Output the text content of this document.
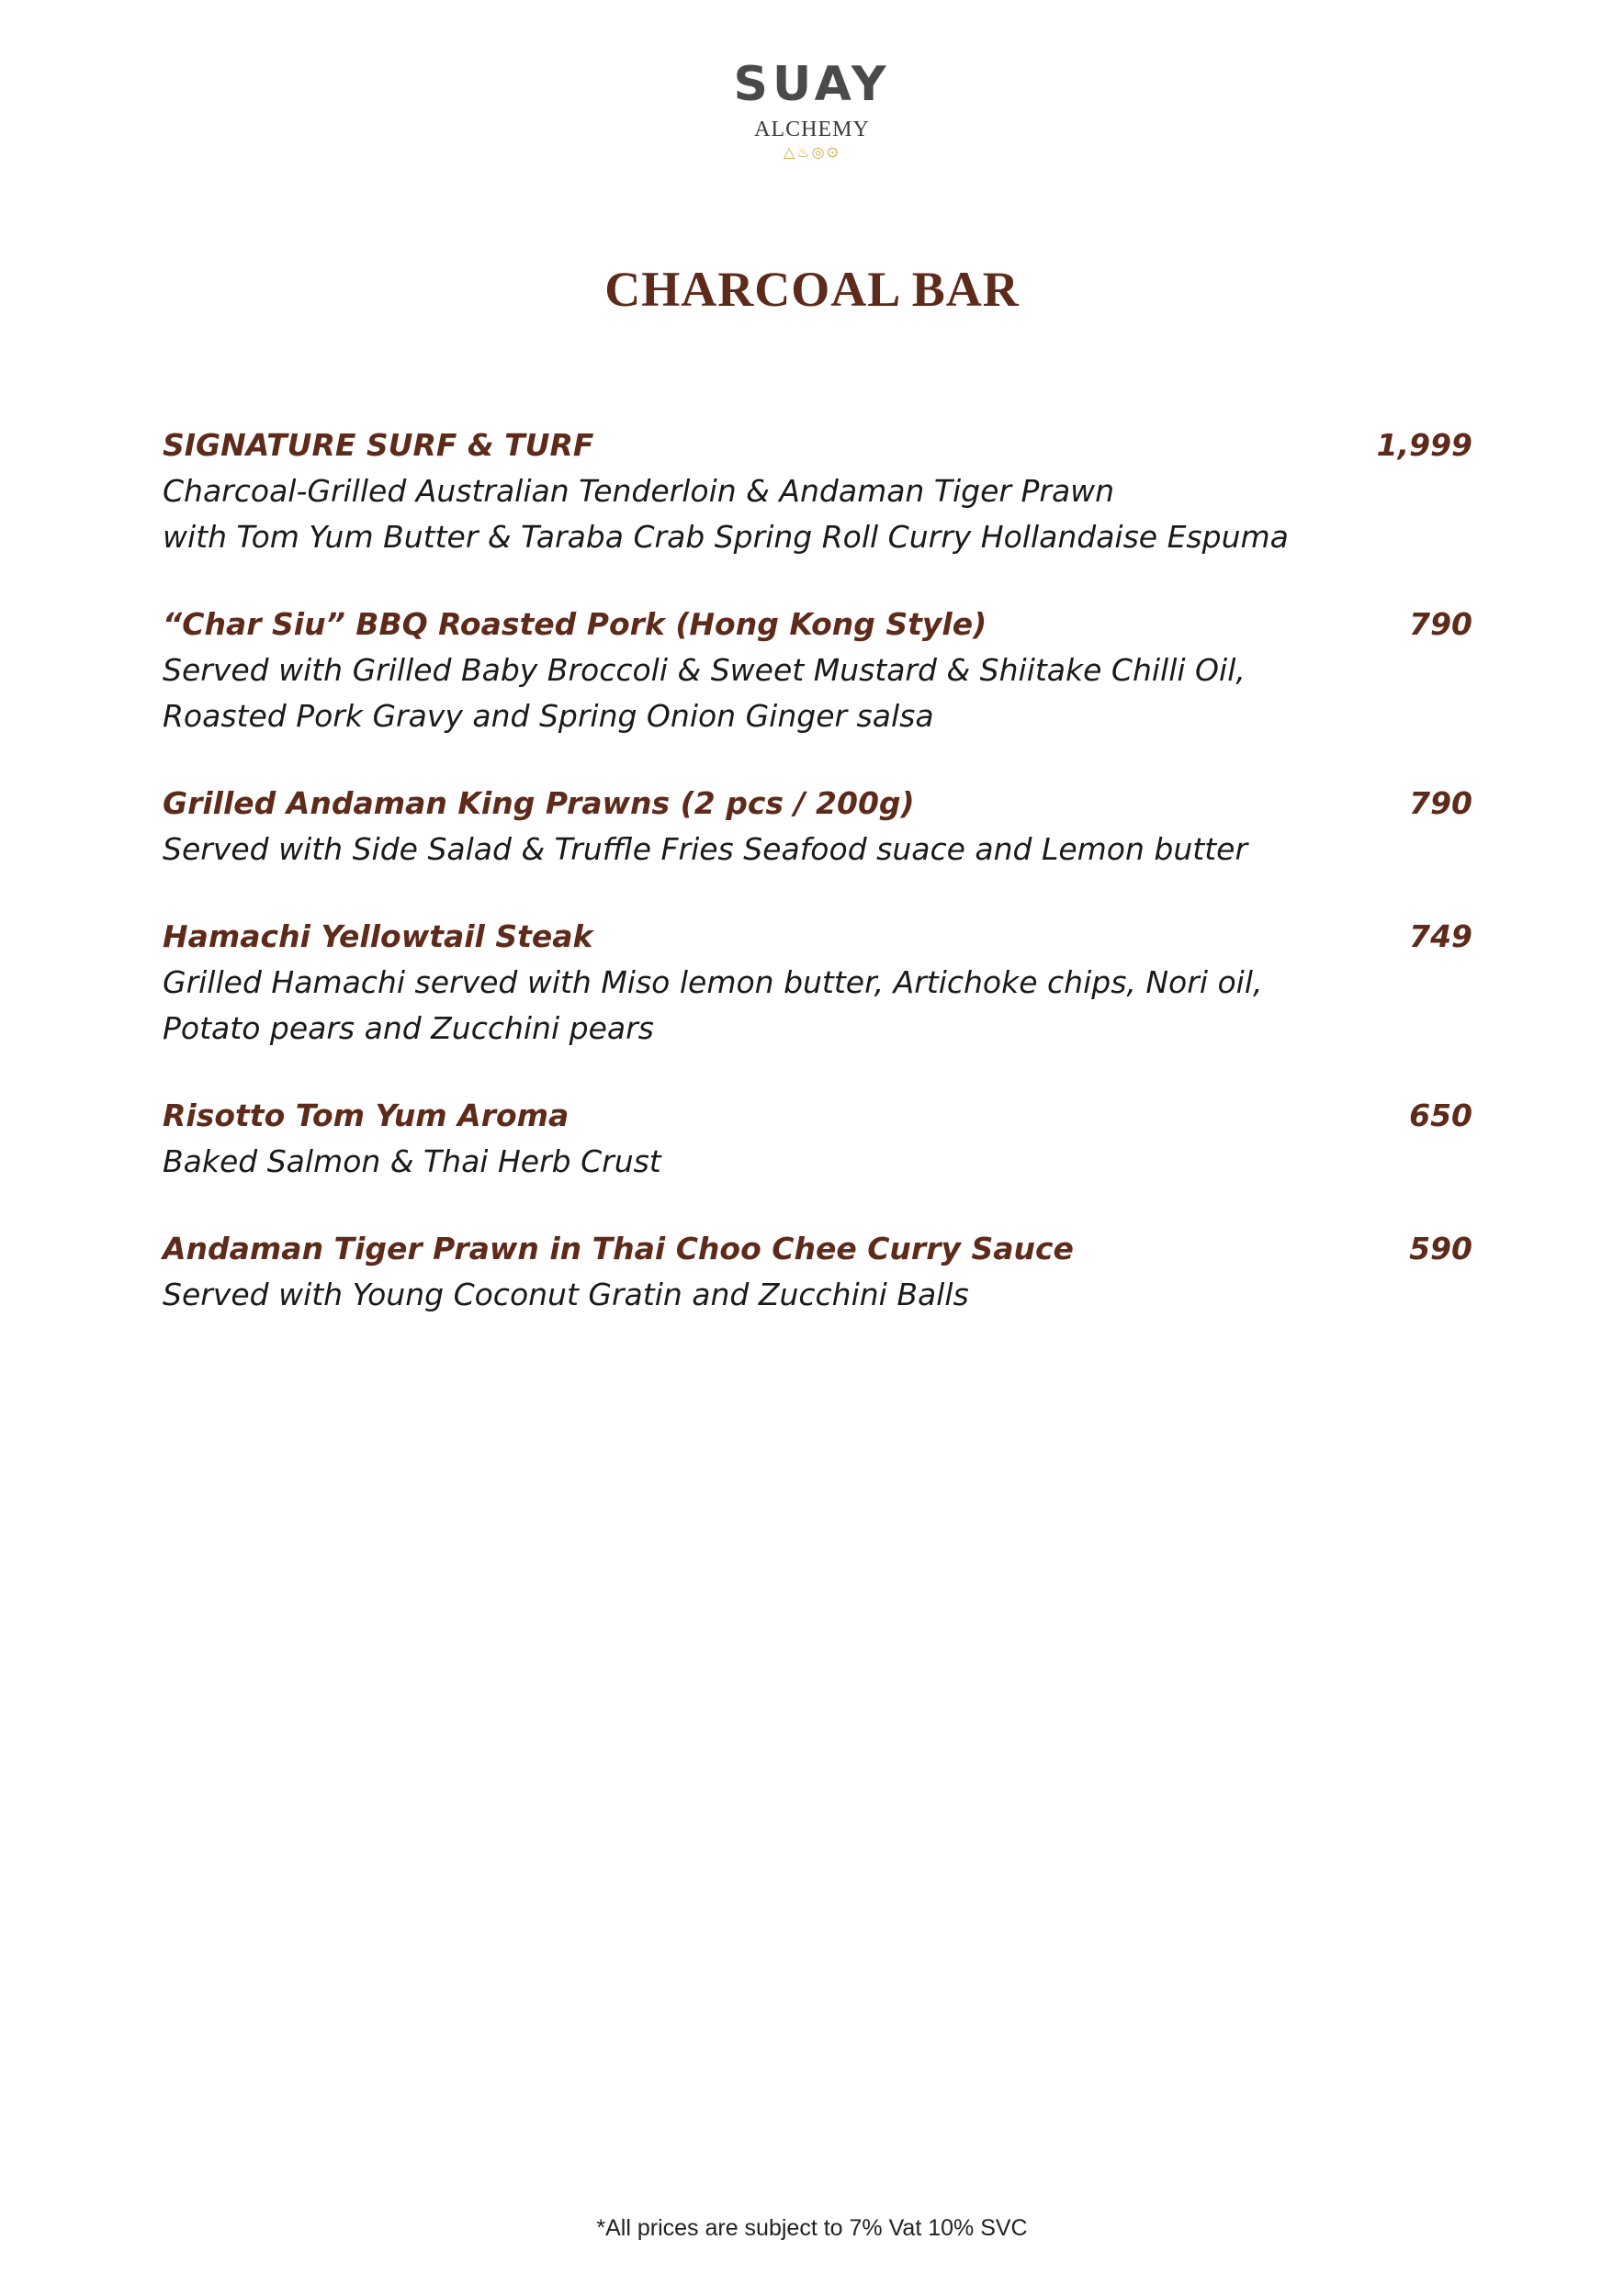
SUAY
ALCHEMY
△♨◎⊙
CHARCOAL BAR
SIGNATURE SURF & TURF	1,999
Charcoal-Grilled Australian Tenderloin & Andaman Tiger Prawn
with Tom Yum Butter & Taraba Crab Spring Roll Curry Hollandaise Espuma
“Char Siu” BBQ Roasted Pork (Hong Kong Style)	790
Served with Grilled Baby Broccoli & Sweet Mustard & Shiitake Chilli Oil,
Roasted Pork Gravy and Spring Onion Ginger salsa
Grilled Andaman King Prawns (2 pcs / 200g)	790
Served with Side Salad & Truffle Fries Seafood suace and Lemon butter
Hamachi Yellowtail Steak	749
Grilled Hamachi served with Miso lemon butter, Artichoke chips, Nori oil,
Potato pears and Zucchini pears
Risotto Tom Yum Aroma	650
Baked Salmon & Thai Herb Crust
Andaman Tiger Prawn in Thai Choo Chee Curry Sauce	590
Served with Young Coconut Gratin and Zucchini Balls
*All prices are subject to 7% Vat 10% SVC
